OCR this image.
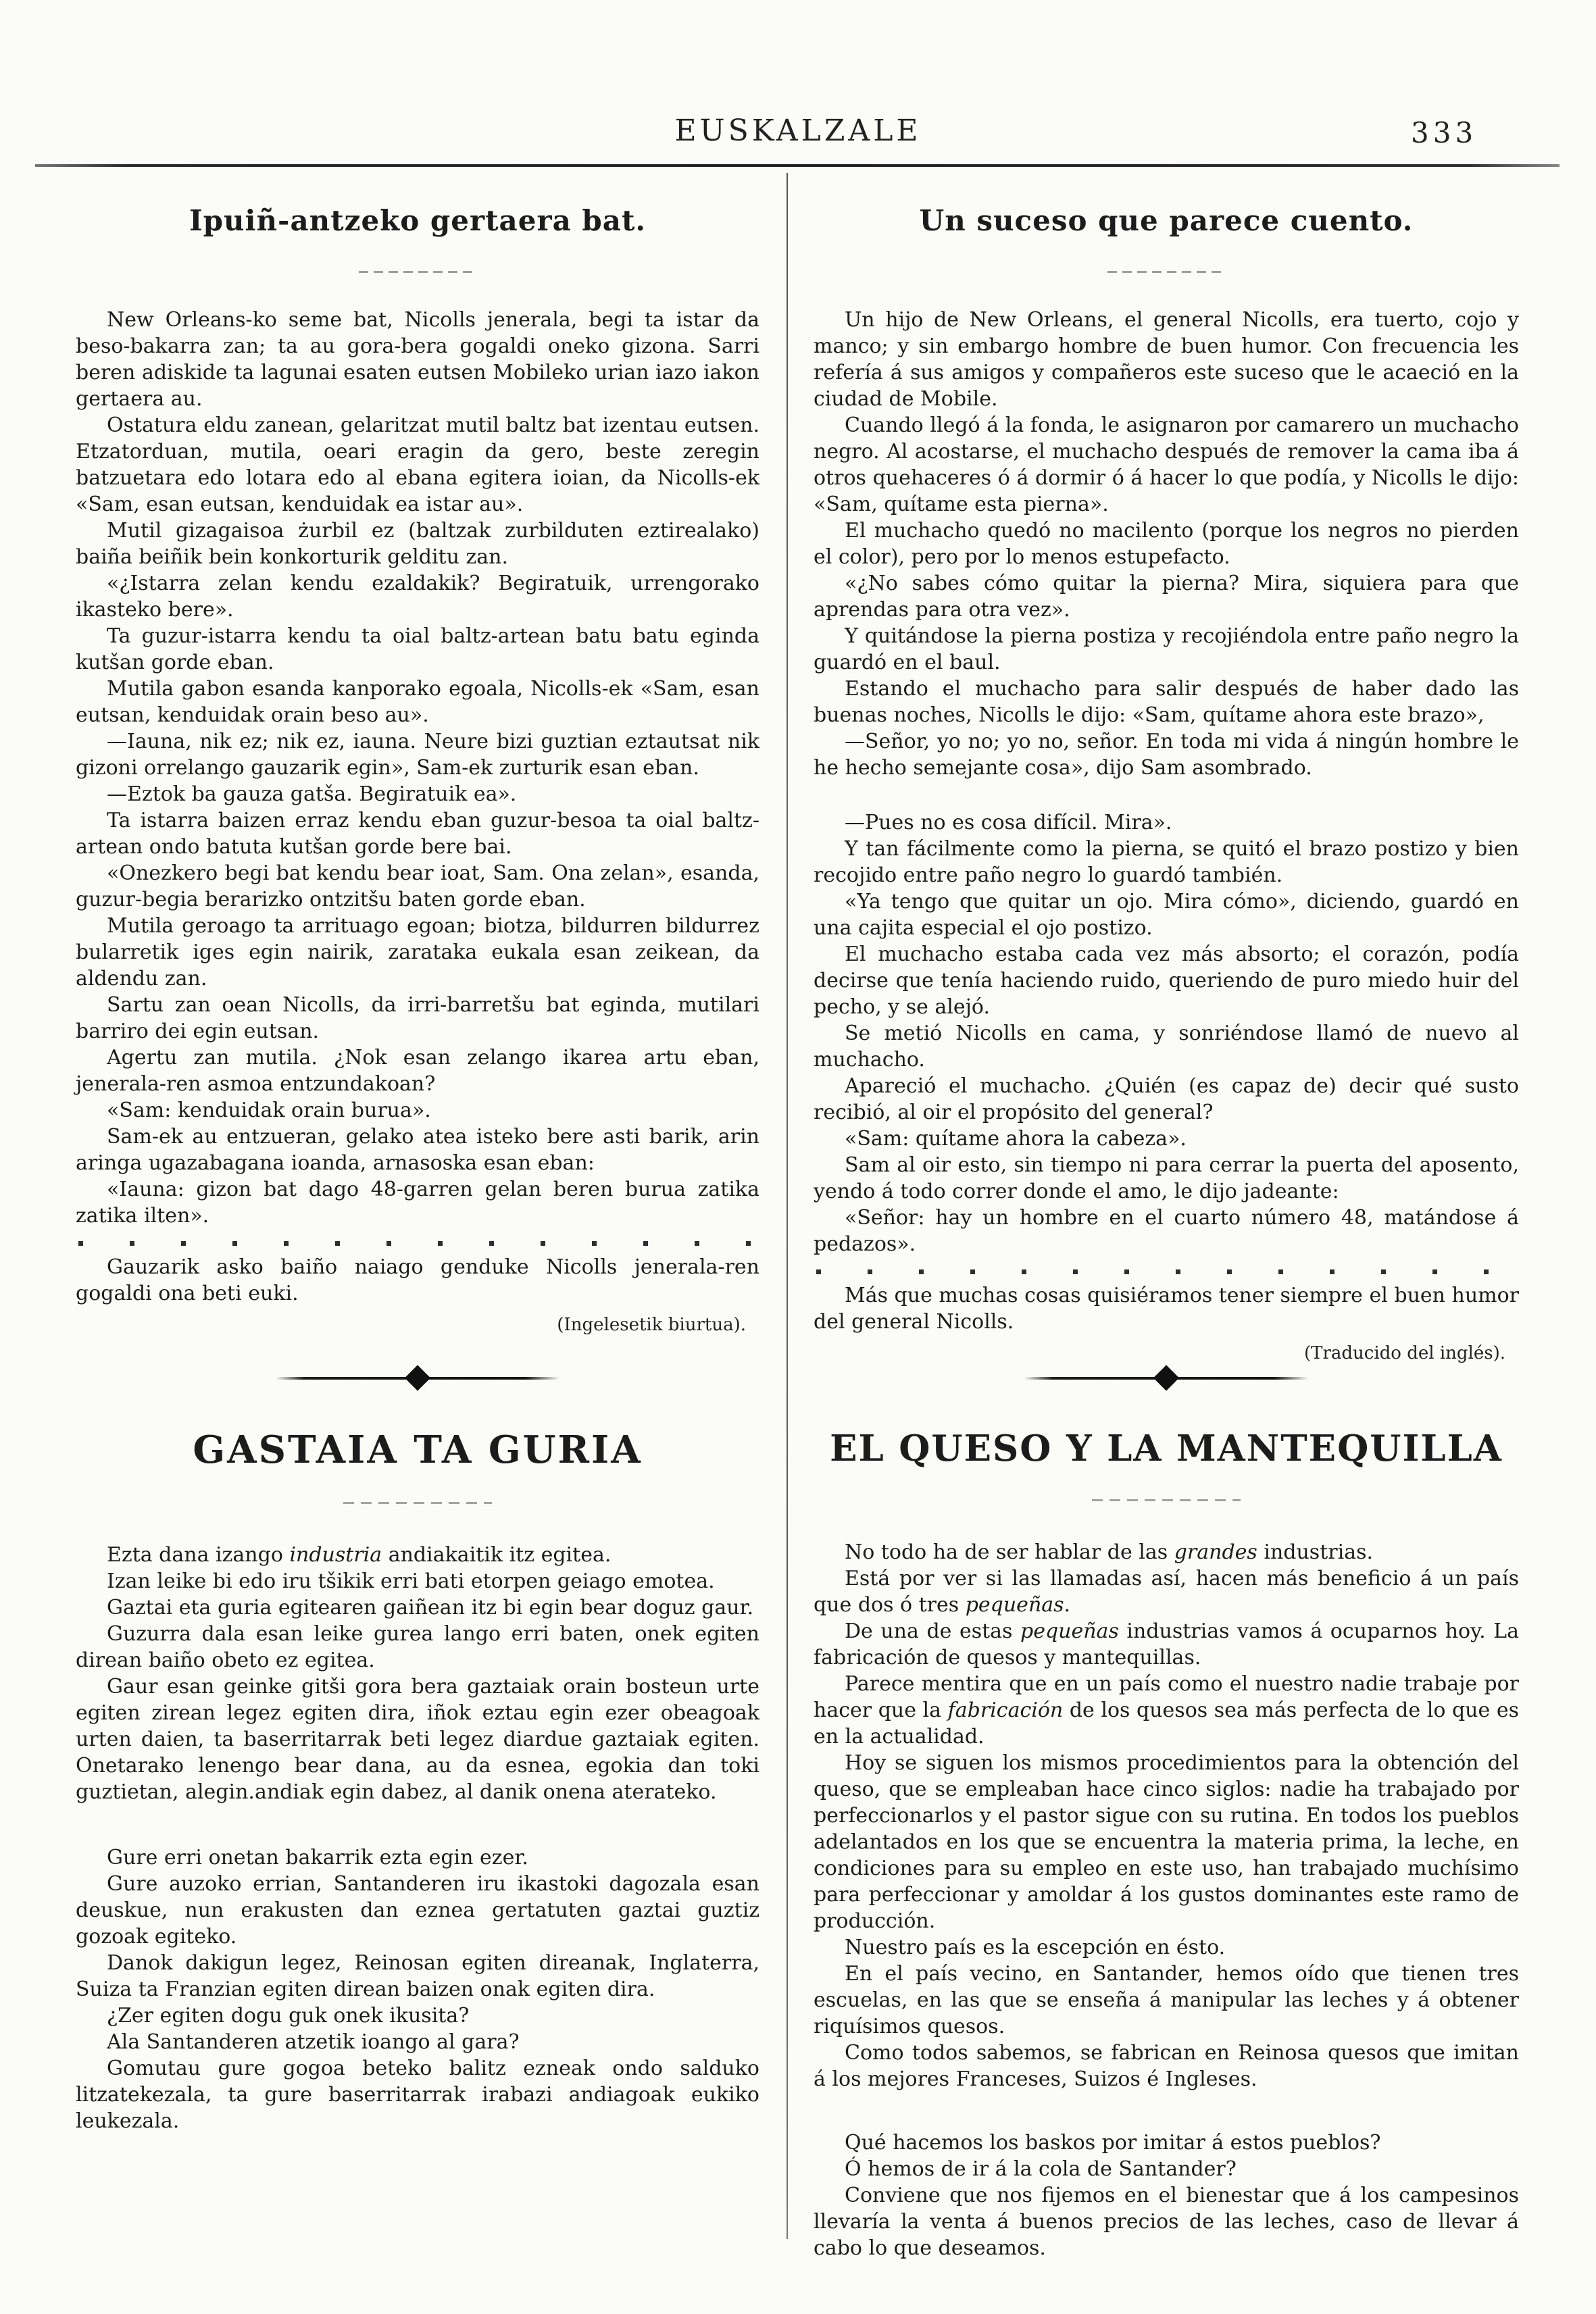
EUSKALZALE	333
Ipuiñ-antzeko gertaera bat.

New Orleans-ko seme bat, Nicolls jenerala, begi ta istar da beso-bakarra zan; ta au gora-bera gogaldi oneko gizona. Sarri beren adiskide ta lagunai esaten eutsen Mobileko urian iazo iakon gertaera au.

Ostatura eldu zanean, gelaritzat mutil baltz bat izentau eutsen. Etzatorduan, mutila, oeari eragin da gero, beste zeregin batzuetara edo lotara edo al ebana egitera ioian, da Nicolls-ek «Sam, esan eutsan, kenduidak ea istar au».

Mutil gizagaisoa żurbil ez (baltzak zurbilduten eztirealako) baiña beiñik bein konkorturik gelditu zan.

«¿Istarra zelan kendu ezaldakik? Begiratuik, urrengorako ikasteko bere».

Ta guzur-istarra kendu ta oial baltz-artean batu batu eginda kutšan gorde eban.

Mutila gabon esanda kanporako egoala, Nicolls-ek «Sam, esan eutsan, kenduidak orain beso au».

—Iauna, nik ez; nik ez, iauna. Neure bizi guztian eztautsat nik gizoni orrelango gauzarik egin», Sam-ek zurturik esan eban.

—Eztok ba gauza gatša. Begiratuik ea».

Ta istarra baizen erraz kendu eban guzur-besoa ta oial baltz-artean ondo batuta kutšan gorde bere bai.

«Onezkero begi bat kendu bear ioat, Sam. Ona zelan», esanda, guzur-begia berarizko ontzitšu baten gorde eban.

Mutila geroago ta arrituago egoan; biotza, bildurren bildurrez bularretik iges egin nairik, zarataka eukala esan zeikean, da aldendu zan.

Sartu zan oean Nicolls, da irri-barretšu bat eginda, mutilari barriro dei egin eutsan.

Agertu zan mutila. ¿Nok esan zelango ikarea artu eban, jenerala-ren asmoa entzundakoan?

«Sam: kenduidak orain burua».

Sam-ek au entzueran, gelako atea isteko bere asti barik, arin aringa ugazabagana ioanda, arnasoska esan eban:

«Iauna: gizon bat dago 48-garren gelan beren burua zatika zatika ilten».

Gauzarik asko baiño naiago genduke Nicolls jenerala-ren gogaldi ona beti euki.

(Ingelesetik biurtua).
Un suceso que parece cuento.

Un hijo de New Orleans, el general Nicolls, era tuerto, cojo y manco; y sin embargo hombre de buen humor. Con frecuencia les refería á sus amigos y compañeros este suceso que le acaeció en la ciudad de Mobile.

Cuando llegó á la fonda, le asignaron por camarero un muchacho negro. Al acostarse, el muchacho después de remover la cama iba á otros quehaceres ó á dormir ó á hacer lo que podía, y Nicolls le dijo: «Sam, quítame esta pierna».

El muchacho quedó no macilento (porque los negros no pierden el color), pero por lo menos estupefacto.

«¿No sabes cómo quitar la pierna? Mira, siquiera para que aprendas para otra vez».

Y quitándose la pierna postiza y recojiéndola entre paño negro la guardó en el baul.

Estando el muchacho para salir después de haber dado las buenas noches, Nicolls le dijo: «Sam, quítame ahora este brazo»,

—Señor, yo no; yo no, señor. En toda mi vida á ningún hombre le he hecho semejante cosa», dijo Sam asombrado.

—Pues no es cosa difícil. Mira».

Y tan fácilmente como la pierna, se quitó el brazo postizo y bien recojido entre paño negro lo guardó también.

«Ya tengo que quitar un ojo. Mira cómo», diciendo, guardó en una cajita especial el ojo postizo.

El muchacho estaba cada vez más absorto; el corazón, podía decirse que tenía haciendo ruido, queriendo de puro miedo huir del pecho, y se alejó.

Se metió Nicolls en cama, y sonriéndose llamó de nuevo al muchacho.

Apareció el muchacho. ¿Quién (es capaz de) decir qué susto recibió, al oir el propósito del general?

«Sam: quítame ahora la cabeza».

Sam al oir esto, sin tiempo ni para cerrar la puerta del aposento, yendo á todo correr donde el amo, le dijo jadeante:

«Señor: hay un hombre en el cuarto número 48, matándose á pedazos».

Más que muchas cosas quisiéramos tener siempre el buen humor del general Nicolls.

(Traducido del inglés).
GASTAIA TA GURIA

Ezta dana izango industria andiakaitik itz egitea.

Izan leike bi edo iru tšikik erri bati etorpen geiago emotea.

Gaztai eta guria egitearen gaiñean itz bi egin bear doguz gaur.

Guzurra dala esan leike gurea lango erri baten, onek egiten direan baiño obeto ez egitea.

Gaur esan geinke gitši gora bera gaztaiak orain bosteun urte egiten zirean legez egiten dira, iñok eztau egin ezer obeagoak urten daien, ta baserritarrak beti legez diardue gaztaiak egiten. Onetarako lenengo bear dana, au da esnea, egokia dan toki guztietan, alegin.andiak egin dabez, al danik onena aterateko.

Gure erri onetan bakarrik ezta egin ezer.

Gure auzoko errian, Santanderen iru ikastoki dagozala esan deuskue, nun erakusten dan eznea gertatuten gaztai guztiz gozoak egiteko.

Danok dakigun legez, Reinosan egiten direanak, Inglaterra, Suiza ta Franzian egiten direan baizen onak egiten dira.

¿Zer egiten dogu guk onek ikusita?

Ala Santanderen atzetik ioango al gara?

Gomutau gure gogoa beteko balitz ezneak ondo salduko litzatekezala, ta gure baserritarrak irabazi andiagoak eukiko leukezala.

EL QUESO Y LA MANTEQUILLA

No todo ha de ser hablar de las grandes industrias.

Está por ver si las llamadas así, hacen más beneficio á un país que dos ó tres pequeñas.

De una de estas pequeñas industrias vamos á ocuparnos hoy. La fabricación de quesos y mantequillas.

Parece mentira que en un país como el nuestro nadie trabaje por hacer que la fabricación de los quesos sea más perfecta de lo que es en la actualidad.

Hoy se siguen los mismos procedimientos para la obtención del queso, que se empleaban hace cinco siglos: nadie ha trabajado por perfeccionarlos y el pastor sigue con su rutina. En todos los pueblos adelantados en los que se encuentra la materia prima, la leche, en condiciones para su empleo en este uso, han trabajado muchísimo para perfeccionar y amoldar á los gustos dominantes este ramo de producción.

Nuestro país es la escepción en ésto.

En el país vecino, en Santander, hemos oído que tienen tres escuelas, en las que se enseña á manipular las leches y á obtener riquísimos quesos.

Como todos sabemos, se fabrican en Reinosa quesos que imitan á los mejores Franceses, Suizos é Ingleses.

Qué hacemos los baskos por imitar á estos pueblos?

Ó hemos de ir á la cola de Santander?

Conviene que nos fijemos en el bienestar que á los campesinos llevaría la venta á buenos precios de las leches, caso de llevar á cabo lo que deseamos.
